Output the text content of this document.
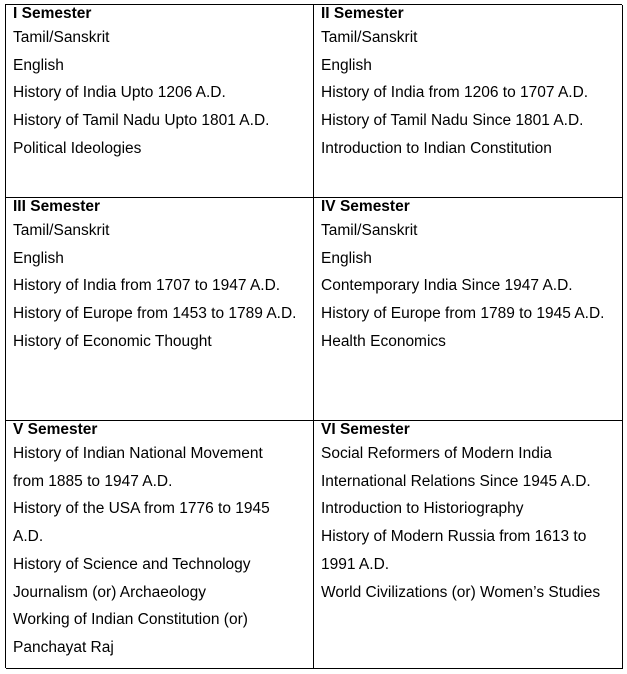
I Semester
Tamil/Sanskrit
English
History of India Upto 1206 A.D.
History of Tamil Nadu Upto 1801 A.D.
Political Ideologies
II Semester
Tamil/Sanskrit
English
History of India from 1206 to 1707 A.D.
History of Tamil Nadu Since 1801 A.D.
Introduction to Indian Constitution
III Semester
Tamil/Sanskrit
English
History of India from 1707 to 1947 A.D.
History of Europe from 1453 to 1789 A.D.
History of Economic Thought
IV Semester
Tamil/Sanskrit
English
Contemporary India Since 1947 A.D.
History of Europe from 1789 to 1945 A.D.
Health Economics
V Semester
History of Indian National Movement
from 1885 to 1947 A.D.
History of the USA from 1776 to 1945
A.D.
History of Science and Technology
Journalism (or) Archaeology
Working of Indian Constitution (or)
Panchayat Raj
VI Semester
Social Reformers of Modern India
International Relations Since 1945 A.D.
Introduction to Historiography
History of Modern Russia from 1613 to
1991 A.D.
World Civilizations (or) Women’s Studies
